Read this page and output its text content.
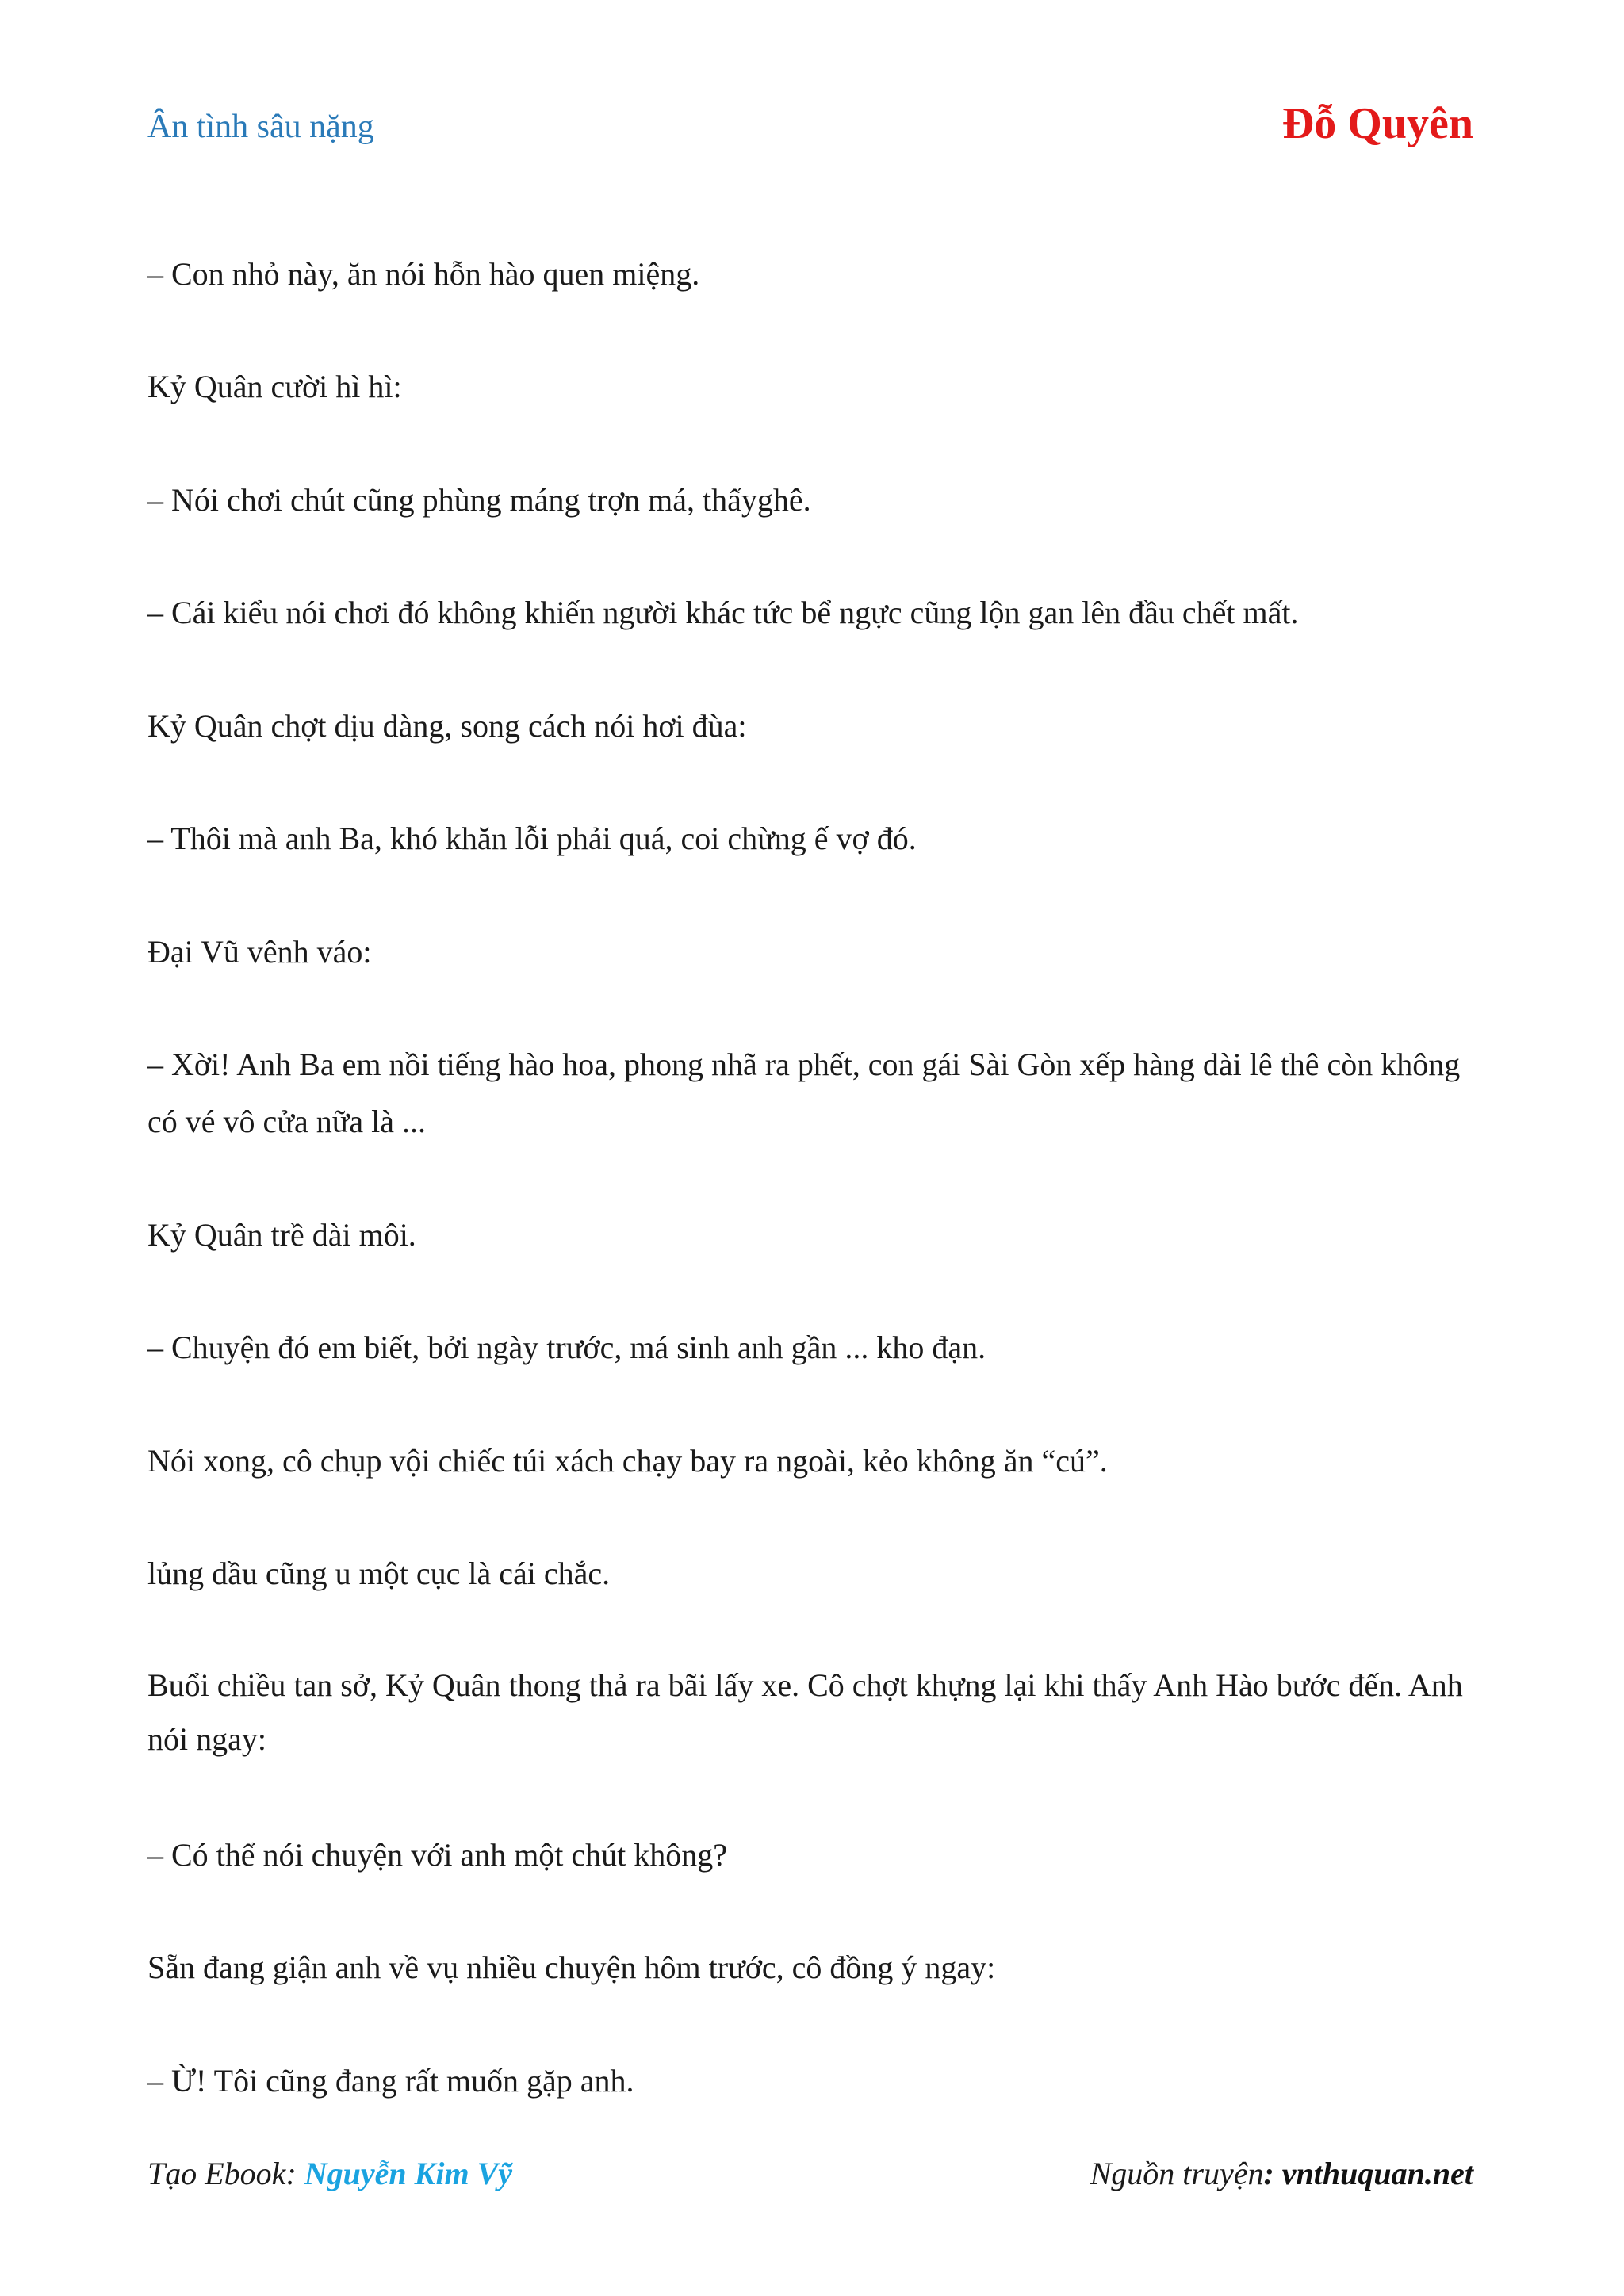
Ân tình sâu nặng	Đỗ Quyên

– Con nhỏ này, ăn nói hỗn hào quen miệng.

Kỷ Quân cười hì hì:

– Nói chơi chút cũng phùng máng trợn má, thấyghê.

– Cái kiểu nói chơi đó không khiến người khác tức bể ngực cũng lộn gan lên đầu chết mất.

Kỷ Quân chợt dịu dàng, song cách nói hơi đùa:

– Thôi mà anh Ba, khó khăn lỗi phải quá, coi chừng ế vợ đó.

Đại Vũ vênh váo:

– Xời! Anh Ba em nồi tiếng hào hoa, phong nhã ra phết, con gái Sài Gòn xếp hàng dài lê thê còn không có vé vô cửa nữa là ...

Kỷ Quân trề dài môi.

– Chuyện đó em biết, bởi ngày trước, má sinh anh gần ... kho đạn.

Nói xong, cô chụp vội chiếc túi xách chạy bay ra ngoài, kẻo không ăn “cú”.

lủng dầu cũng u một cục là cái chắc.

Buổi chiều tan sở, Kỷ Quân thong thả ra bãi lấy xe. Cô chợt khựng lại khi thấy Anh Hào bước đến. Anh nói ngay:

– Có thể nói chuyện với anh một chút không?

Sẵn đang giận anh về vụ nhiều chuyện hôm trước, cô đồng ý ngay:

– Ừ! Tôi cũng đang rất muốn gặp anh.

Tạo Ebook: Nguyễn Kim Vỹ	Nguồn truyện: vnthuquan.net
